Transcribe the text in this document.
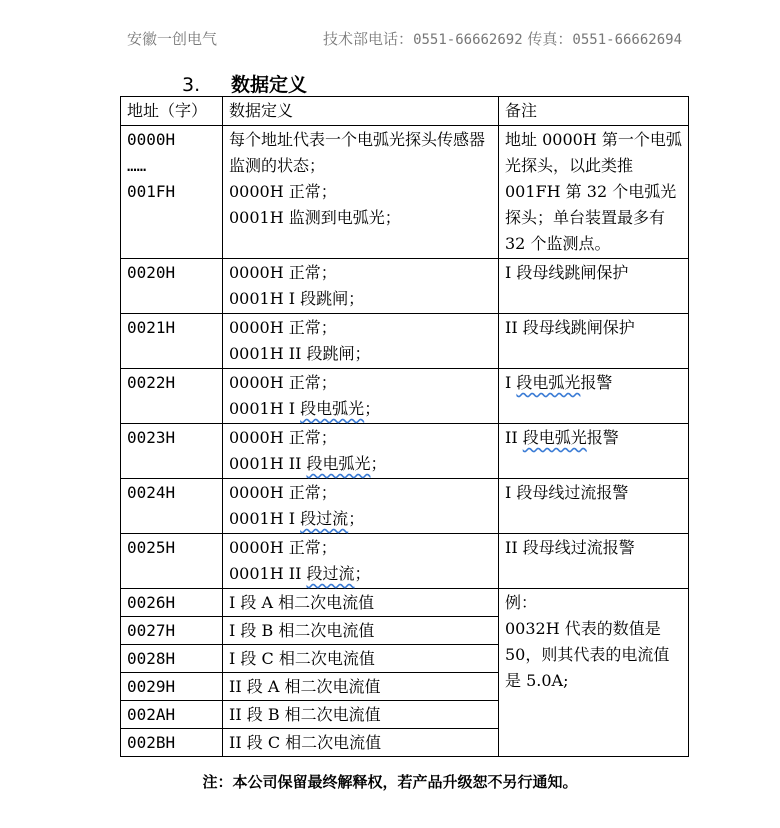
安徽一创电气	技术部电话：0551-66662692 传真：0551-66662694
3. 数据定义
地址（字）	数据定义	备注
0000H
……
001FH	每个地址代表一个电弧光探头传感器监测的状态；
0000H 正常；
0001H 监测到电弧光；	地址 0000H 第一个电弧光探头，以此类推001FH 第 32 个电弧光探头；单台装置最多有 32 个监测点。
0020H	0000H 正常；
0001H I 段跳闸；	I 段母线跳闸保护
0021H	0000H 正常；
0001H II 段跳闸；	II 段母线跳闸保护
0022H	0000H 正常；
0001H I 段电弧光；	I 段电弧光报警
0023H	0000H 正常；
0001H II 段电弧光；	II 段电弧光报警
0024H	0000H 正常；
0001H I 段过流；	I 段母线过流报警
0025H	0000H 正常；
0001H II 段过流；	II 段母线过流报警
0026H	I 段 A 相二次电流值	例：
0032H 代表的数值是50，则其代表的电流值是 5.0A;
0027H	I 段 B 相二次电流值	
0028H	I 段 C 相二次电流值	
0029H	II 段 A 相二次电流值	
002AH	II 段 B 相二次电流值	
002BH	II 段 C 相二次电流值	
注：本公司保留最终解释权，若产品升级恕不另行通知。
